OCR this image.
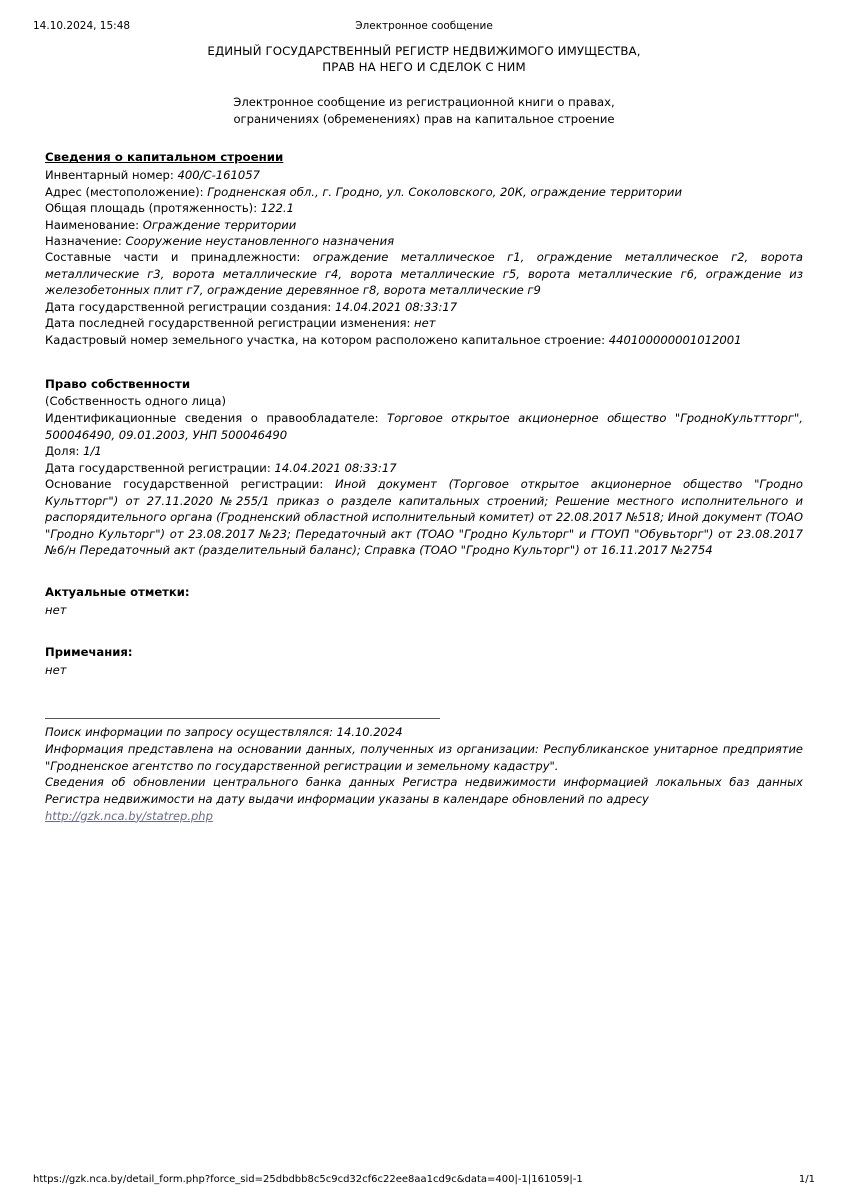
14.10.2024, 15:48	Электронное сообщение
ЕДИНЫЙ ГОСУДАРСТВЕННЫЙ РЕГИСТР НЕДВИЖИМОГО ИМУЩЕСТВА,
ПРАВ НА НЕГО И СДЕЛОК С НИМ
Электронное сообщение из регистрационной книги о правах,
ограничениях (обременениях) прав на капитальное строение
Сведения о капитальном строении
Инвентарный номер: 400/С-161057
Адрес (местоположение): Гродненская обл., г. Гродно, ул. Соколовского, 20К, ограждение территории
Общая площадь (протяженность): 122.1
Наименование: Ограждение территории
Назначение: Сооружение неустановленного назначения
Составные части и принадлежности: ограждение металлическое г1, ограждение металлическое г2, ворота металлические г3, ворота металлические г4, ворота металлические г5, ворота металлические г6, ограждение из железобетонных плит г7, ограждение деревянное г8, ворота металлические г9
Дата государственной регистрации создания: 14.04.2021 08:33:17
Дата последней государственной регистрации изменения: нет
Кадастровый номер земельного участка, на котором расположено капитальное строение: 440100000001012001
Право собственности
(Собственность одного лица)
Идентификационные сведения о правообладателе: Торговое открытое акционерное общество "ГродноКульттторг", 500046490, 09.01.2003, УНП 500046490
Доля: 1/1
Дата государственной регистрации: 14.04.2021 08:33:17
Основание государственной регистрации: Иной документ (Торговое открытое акционерное общество "Гродно Культторг") от 27.11.2020 №255/1 приказ о разделе капитальных строений; Решение местного исполнительного и распорядительного органа (Гродненский областной исполнительный комитет) от 22.08.2017 №518; Иной документ (ТОАО "Гродно Культорг") от 23.08.2017 №23; Передаточный акт (ТОАО "Гродно Культорг" и ГТОУП "Обувьторг") от 23.08.2017 №6/н Передаточный акт (разделительный баланс); Справка (ТОАО "Гродно Культорг") от 16.11.2017 №2754
Актуальные отметки:
нет
Примечания:
нет
Поиск информации по запросу осуществлялся: 14.10.2024
Информация представлена на основании данных, полученных из организации: Республиканское унитарное предприятие "Гродненское агентство по государственной регистрации и земельному кадастру".
Сведения об обновлении центрального банка данных Регистра недвижимости информацией локальных баз данных Регистра недвижимости на дату выдачи информации указаны в календаре обновлений по адресу
http://gzk.nca.by/statrep.php
https://gzk.nca.by/detail_form.php?force_sid=25dbdbb8c5c9cd32cf6c22ee8aa1cd9c&data=400|-1|161059|-1	1/1
